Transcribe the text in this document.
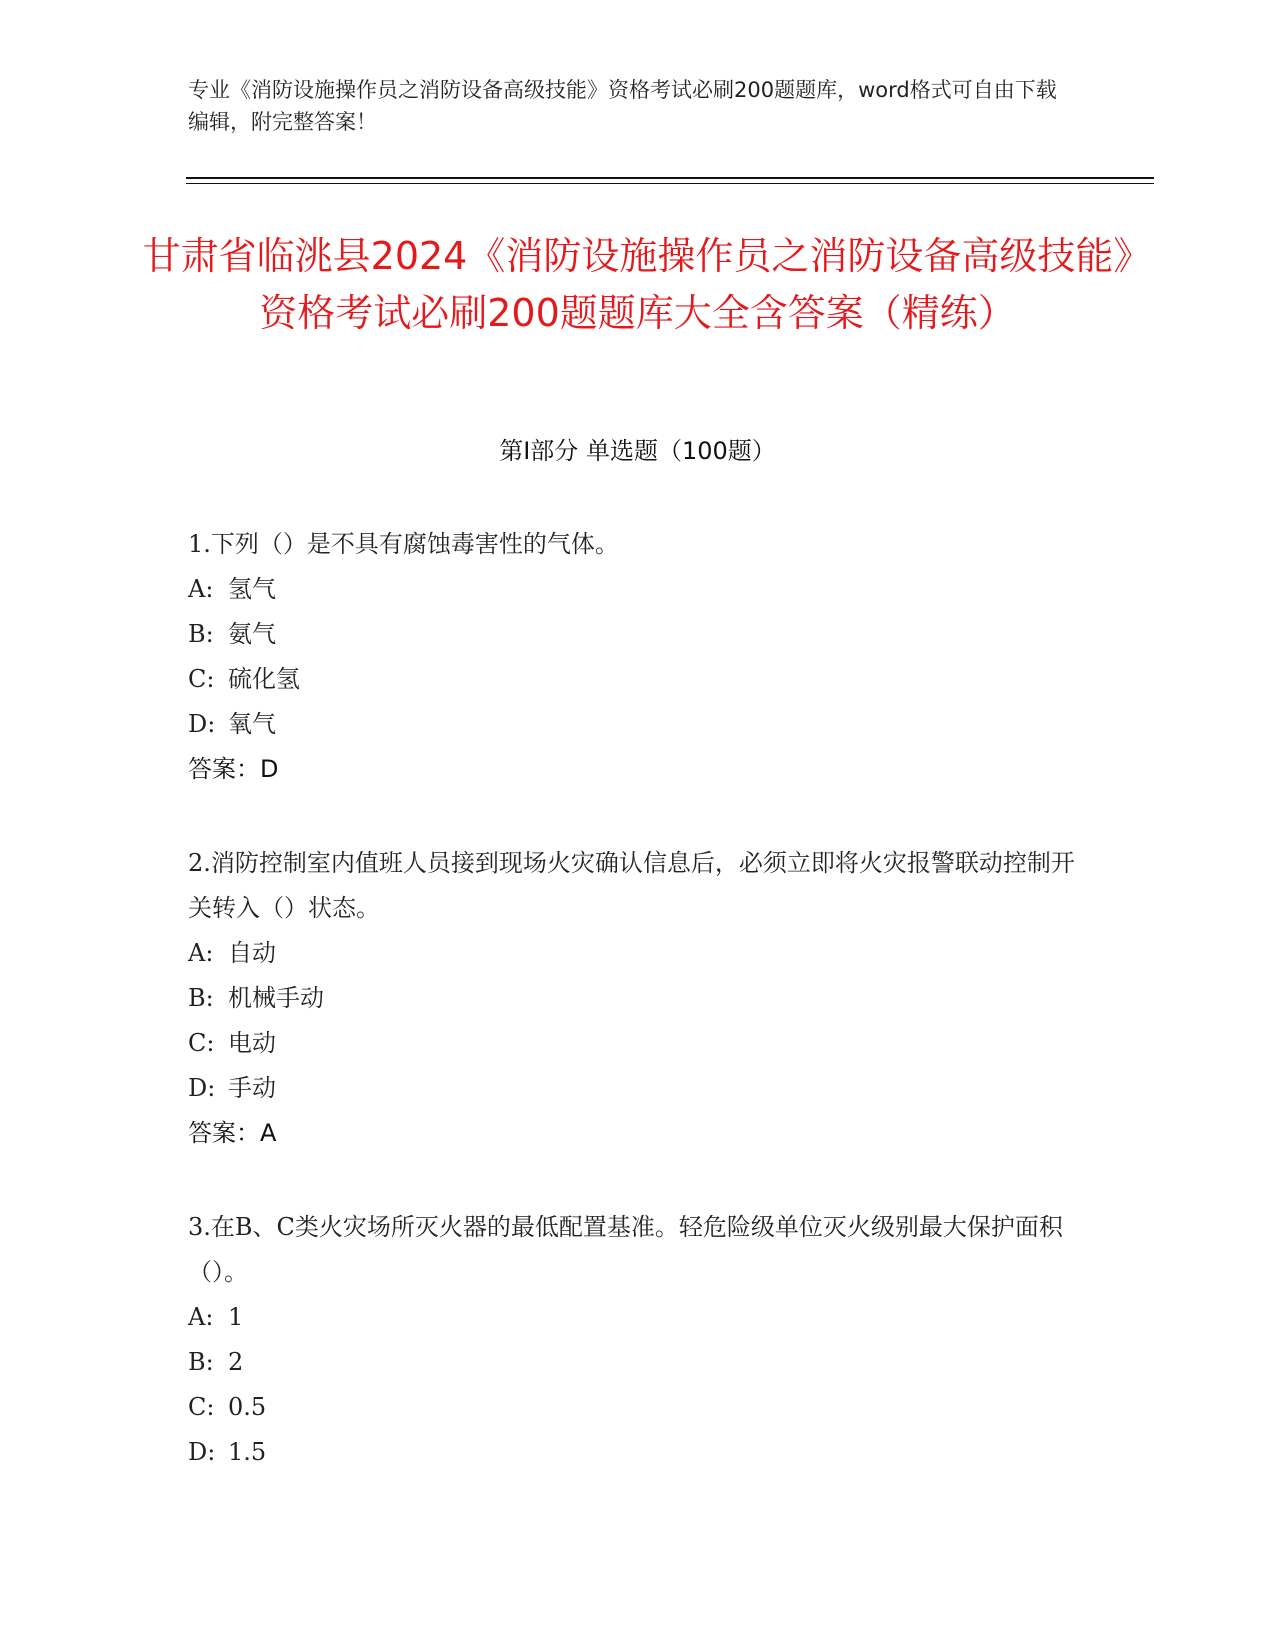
专业《消防设施操作员之消防设备高级技能》资格考试必刷200题题库，word格式可自由下载编辑，附完整答案！
甘肃省临洮县2024《消防设施操作员之消防设备高级技能》资格考试必刷200题题库大全含答案（精练）
第I部分 单选题（100题）
1.下列（）是不具有腐蚀毒害性的气体。
A: 氢气
B: 氨气
C: 硫化氢
D: 氧气
答案：D
2.消防控制室内值班人员接到现场火灾确认信息后，必须立即将火灾报警联动控制开关转入（）状态。
A: 自动
B: 机械手动
C: 电动
D: 手动
答案：A
3.在B、C类火灾场所灭火器的最低配置基准。轻危险级单位灭火级别最大保护面积（）。
A: 1
B: 2
C: 0.5
D: 1.5
